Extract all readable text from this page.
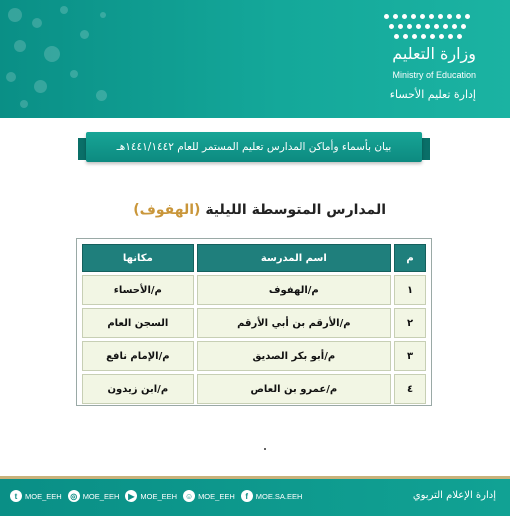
وزارة التعليم
Ministry of Education
إدارة تعليم الأحساء
بيان بأسماء وأماكن المدارس تعليم المستمر للعام ١٤٤١/١٤٤٢هـ
المدارس المتوسطة الليلية (الهفوف)
م	اسم المدرسة	مكانها
١	م/الهفوف	م/الأحساء
٢	م/الأرقم بن أبي الأرقم	السجن العام
٣	م/أبو بكر الصديق	م/الإمام نافع
٤	م/عمرو بن العاص	م/ابن زيدون
t	MOE_EEH	◎ MOE_EEH	▶ MOE_EEH ☺ MOE_EEH	f	MOE.SA.EEH	إدارة الإعلام التربوي
